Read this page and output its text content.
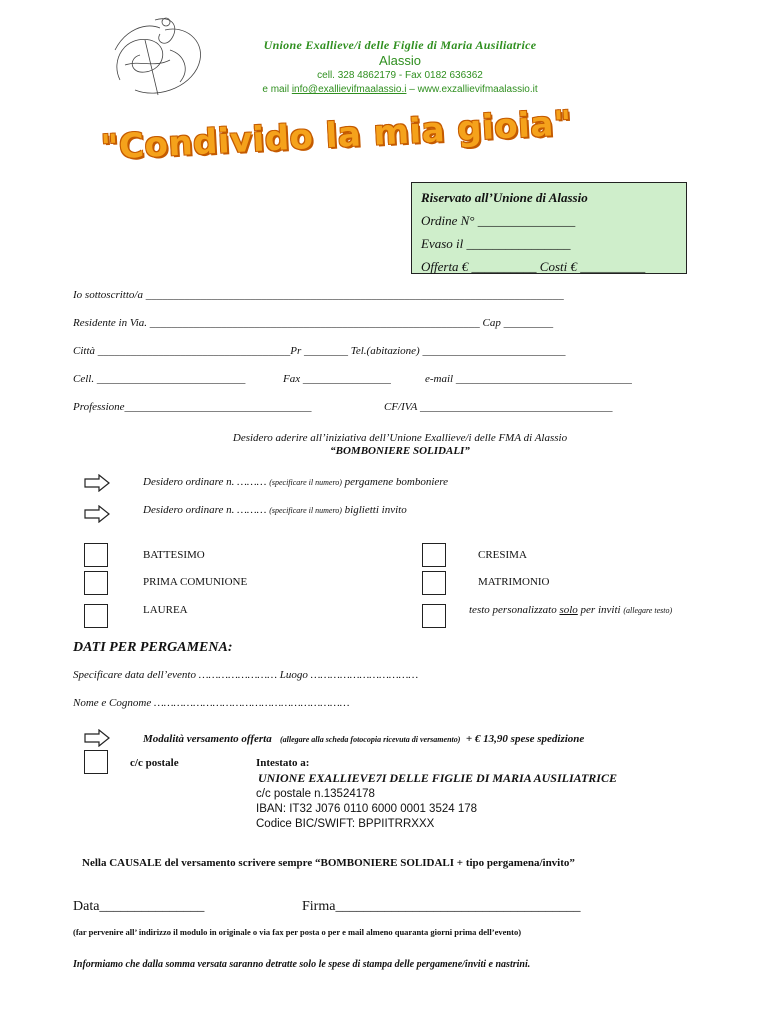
Unione Exallieve/i delle Figlie di Maria Ausiliatrice
Alassio
cell. 328 4862179 - Fax 0182 636362
e mail info@exallievifmaalassio.i – www.exzallievifmaalassio.it
"Condivido la mia gioia"
Riservato all’Unione di Alassio
Ordine N° _______________
Evaso il ________________
Offerta € __________ Costi € __________
Io sottoscritto/a ____________________________________________________________________________
Residente in Via. ____________________________________________________________ Cap _________
Città ___________________________________Pr ________ Tel.(abitazione) __________________________
Cell. ___________________________	Fax ________________	e-mail ________________________________
Professione__________________________________	CF/IVA ___________________________________
Desidero aderire all’iniziativa dell’Unione Exallieve/i delle FMA di Alassio
“BOMBONIERE SOLIDALI”
Desidero ordinare n. ……… (specificare il numero) pergamene bomboniere
Desidero ordinare n. ……… (specificare il numero) biglietti invito
BATTESIMO	CRESIMA
PRIMA COMUNIONE	MATRIMONIO
LAUREA	testo personalizzato solo per inviti (allegare testo)
DATI PER PERGAMENA:
Specificare data dell’evento …………………… Luogo ……………………………
Nome e Cognome ……………………………………………………
Modalità versamento offerta (allegare alla scheda fotocopia ricevuta di versamento) + € 13,90 spese spedizione
c/c postale	Intestato a:
UNIONE EXALLIEVE7I DELLE FIGLIE DI MARIA AUSILIATRICE
c/c postale n.13524178
IBAN: IT32 J076 0110 6000 0001 3524 178
Codice BIC/SWIFT: BPPIITRRXXX
Nella CAUSALE del versamento scrivere sempre “BOMBONIERE SOLIDALI + tipo pergamena/invito”
Data_______________	Firma___________________________________
(far pervenire all’ indirizzo il modulo in originale o via fax per posta o per e mail almeno quaranta giorni prima dell’evento)
Informiamo che dalla somma versata saranno detratte solo le spese di stampa delle pergamene/inviti e nastrini.
